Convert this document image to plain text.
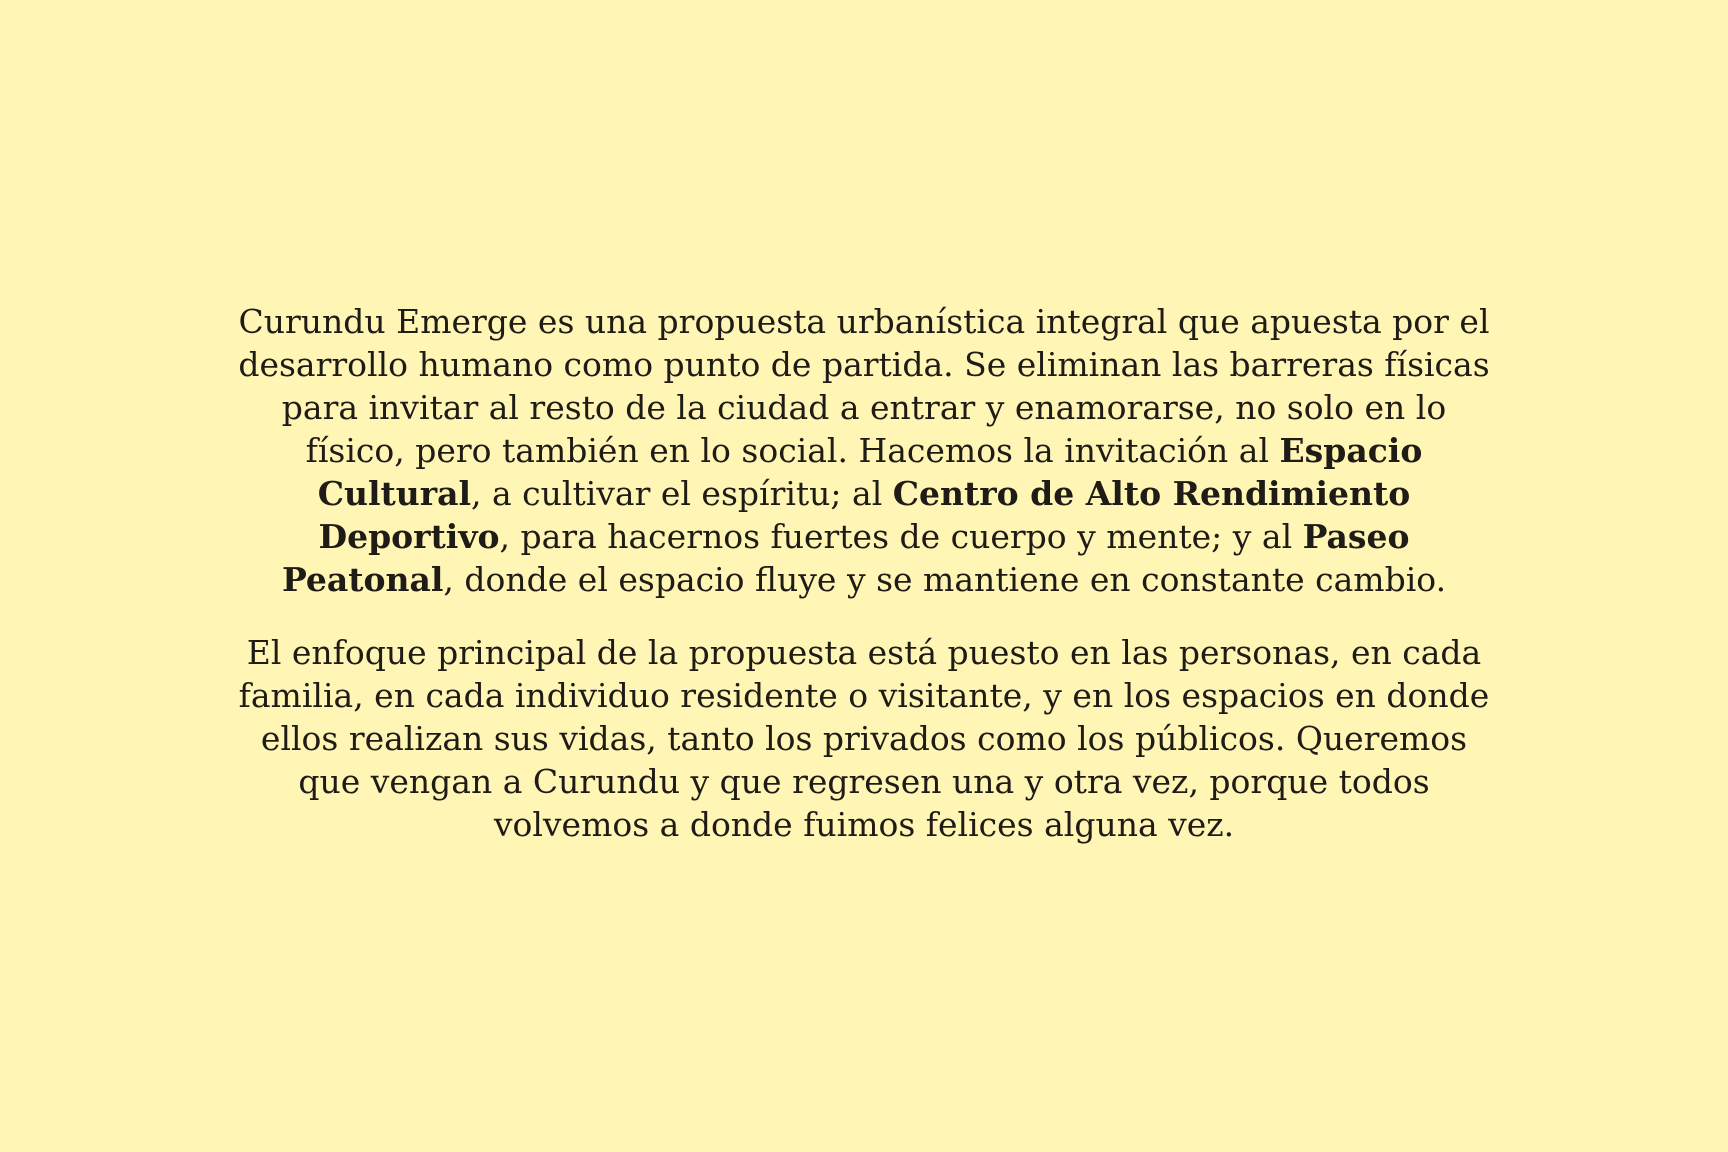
Curundu Emerge es una propuesta urbanística integral que apuesta por el desarrollo humano como punto de partida. Se eliminan las barreras físicas para invitar al resto de la ciudad a entrar y enamorarse, no solo en lo físico, pero también en lo social. Hacemos la invitación al Espacio Cultural, a cultivar el espíritu; al Centro de Alto Rendimiento Deportivo, para hacernos fuertes de cuerpo y mente; y al Paseo Peatonal, donde el espacio fluye y se mantiene en constante cambio.

El enfoque principal de la propuesta está puesto en las personas, en cada familia, en cada individuo residente o visitante, y en los espacios en donde ellos realizan sus vidas, tanto los privados como los públicos. Queremos que vengan a Curundu y que regresen una y otra vez, porque todos volvemos a donde fuimos felices alguna vez.
